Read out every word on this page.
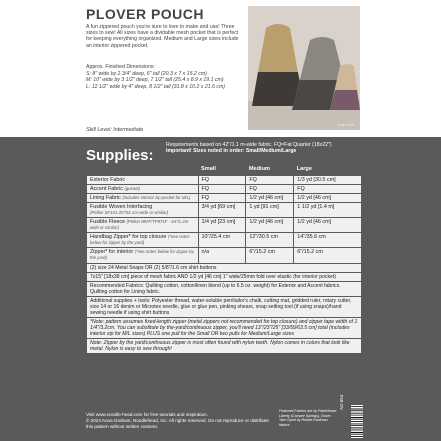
PLOVER POUCH
A fun zippered pouch you're sure to love to make and use! Three sizes to sew! All sizes have a dividable mesh pocket that is perfect for keeping everything organized. Medium and Large sizes include an interior zippered pocket.
Approx. Finished Dimensions:
S: 8" wide by 2 3/4" deep, 6" tall (20.3 x 7 x 15.2 cm)
M: 10" wide by 3 1/2" deep, 7 1/2" tall (25.4 x 8.9 x 19.1 cm)
L: 12 1/2" wide by 4" deep, 8 1/2" tall (31.8 x 10.2 x 21.6 cm)
Skill Level: Intermediate
Snap Liam
Supplies:
Requirements based on 42"/1.1 m-wide fabric. FQ=Fat Quarter (18x22")
Important! Sizes noted in order: Small/Medium/Large
	Small	Medium	Large
Exterior Fabric	FQ	FQ	1/3 yd [30.5 cm]
Accent Fabric (gusset)	FQ	FQ	FQ
Lining Fabric (includes interior zip pocket for M/L)	FQ	1/2 yd [46 cm]	1/2 yd [46 cm]
Fusible Woven Interfacing
(Pellon SF101-20"/51 cm-wide or similar)	3/4 yd [69 cm]	1 yd [91 cm]	1 1/2 yd [1.4 m]
Fusible Fleece (Pellon 987F/TP971F - 44"/1.2m-wide or similar)	1/4 yd [23 cm]	1/2 yd [46 cm]	1/2 yd [46 cm]
Handbag Zipper* for top closure (*see notes below for zipper by the yard)	10"/25.4 cm	12"/30.5 cm	14"/35.6 cm
Zipper* for interior (*see notes below for zipper by the yard)	n/a	6"/15.2 cm	6"/15.2 cm
(2) size 24 Metal Snaps OR (2) 5/8"/1.6 cm shirt buttons			
7x15" [18x38 cm] piece of mesh fabric AND 1/2 yd [46 cm] 1" wide/25mm fold over elastic (for interior pocket)			
Recommended Fabrics: Quilting cotton, cotton/linen blend (up to 6.5 oz. weight) for Exterior and Accent fabrics. Quilting cotton for Lining fabric.			
Additional supplies + tools: Polyester thread, water-soluble pen/tailor's chalk, cutting mat, gridded ruler, rotary cutter, size 14 or 16 denim or Microtex needle, glue or glue pen, pinking shears, snap setting tool (if using snaps)/hand sewing needle if using shirt buttons			
*Note: pattern assumes fixed-length zipper (metal zippers not recommended for top closure) and zipper tape width of 1 1/4"/3.2cm. You can substitute by the-yard/continuous zipper, you'll need 13"/23"/25" [33/59/63.5 cm] total (includes interior zip for M/L sizes) PLUS one pull for the Small OR two pulls for Medium/Large sizes			
Note: Zipper by the yard/continuous zipper is most often found with nylon teeth. Nylon comes in colors that look like metal. Nylon is easy to sew through!			
Visit www.noodle-head.com for free tutorials and inspiration.
© 2024 Anna Graham, Noodlehead, Inc. All rights reserved. Do not reproduce or distribute this pattern without written consent.
Featured Fabrics are by Fabricheart Liberty (Camper Springs), Essex Yarn Dyed by Robert Kaufman fabrics
AG-554
